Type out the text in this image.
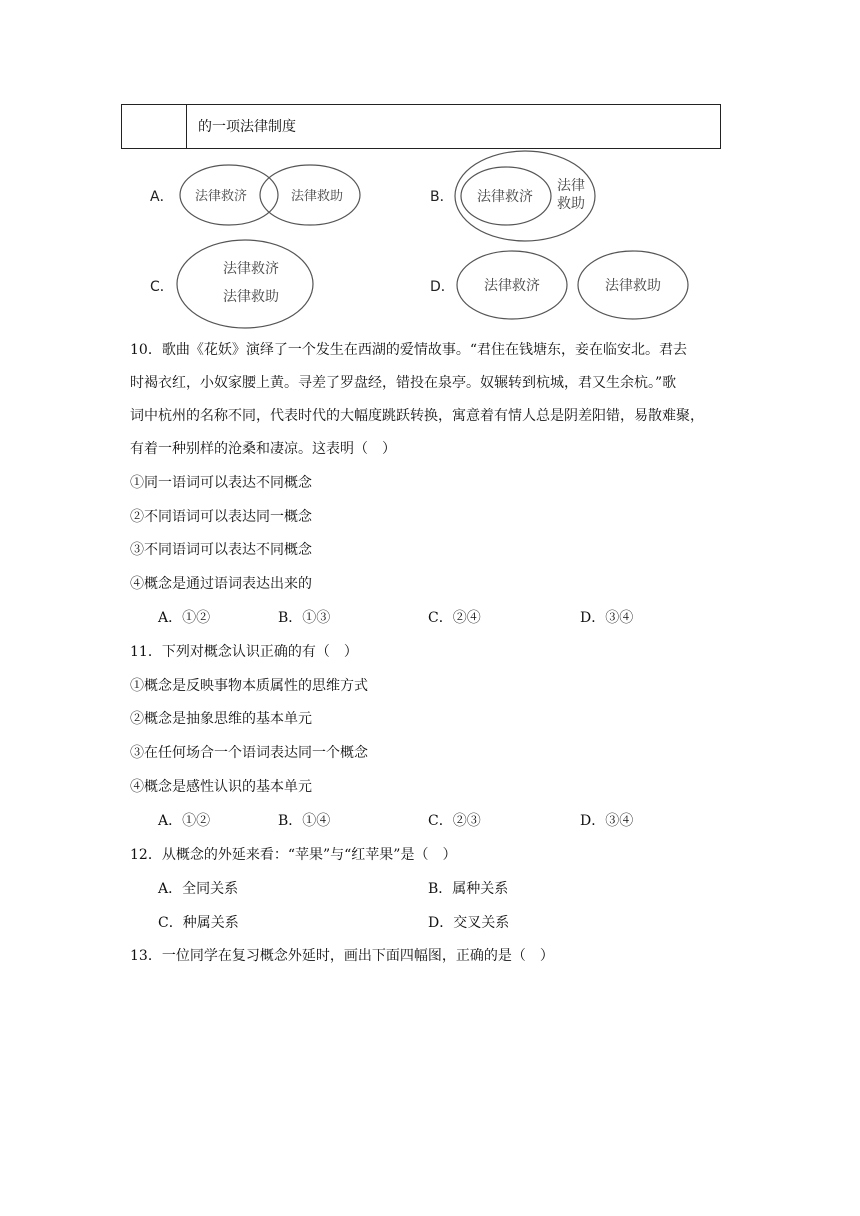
的一项法律制度
A． 法律救济	法律救助	B． 法律救济
法律
救助
C．
法律救济
法律救助
D． 法律救济	法律救助
10．歌曲《花妖》演绎了一个发生在西湖的爱情故事。“君住在钱塘东，妾在临安北。君去
时褐衣红，小奴家腰上黄。寻差了罗盘经，错投在泉亭。奴辗转到杭城，君又生余杭。”歌
词中杭州的名称不同，代表时代的大幅度跳跃转换，寓意着有情人总是阴差阳错，易散难聚，
有着一种别样的沧桑和凄凉。这表明（　）
①同一语词可以表达不同概念
②不同语词可以表达同一概念
③不同语词可以表达不同概念
④概念是通过语词表达出来的
A．①②	B．①③	C．②④	D．③④
11．下列对概念认识正确的有（　）
①概念是反映事物本质属性的思维方式
②概念是抽象思维的基本单元
③在任何场合一个语词表达同一个概念
④概念是感性认识的基本单元
A．①②	B．①④	C．②③	D．③④
12．从概念的外延来看：“苹果”与“红苹果”是（　）
A．全同关系	B．属种关系
C．种属关系	D．交叉关系
13．一位同学在复习概念外延时，画出下面四幅图，正确的是（　）
